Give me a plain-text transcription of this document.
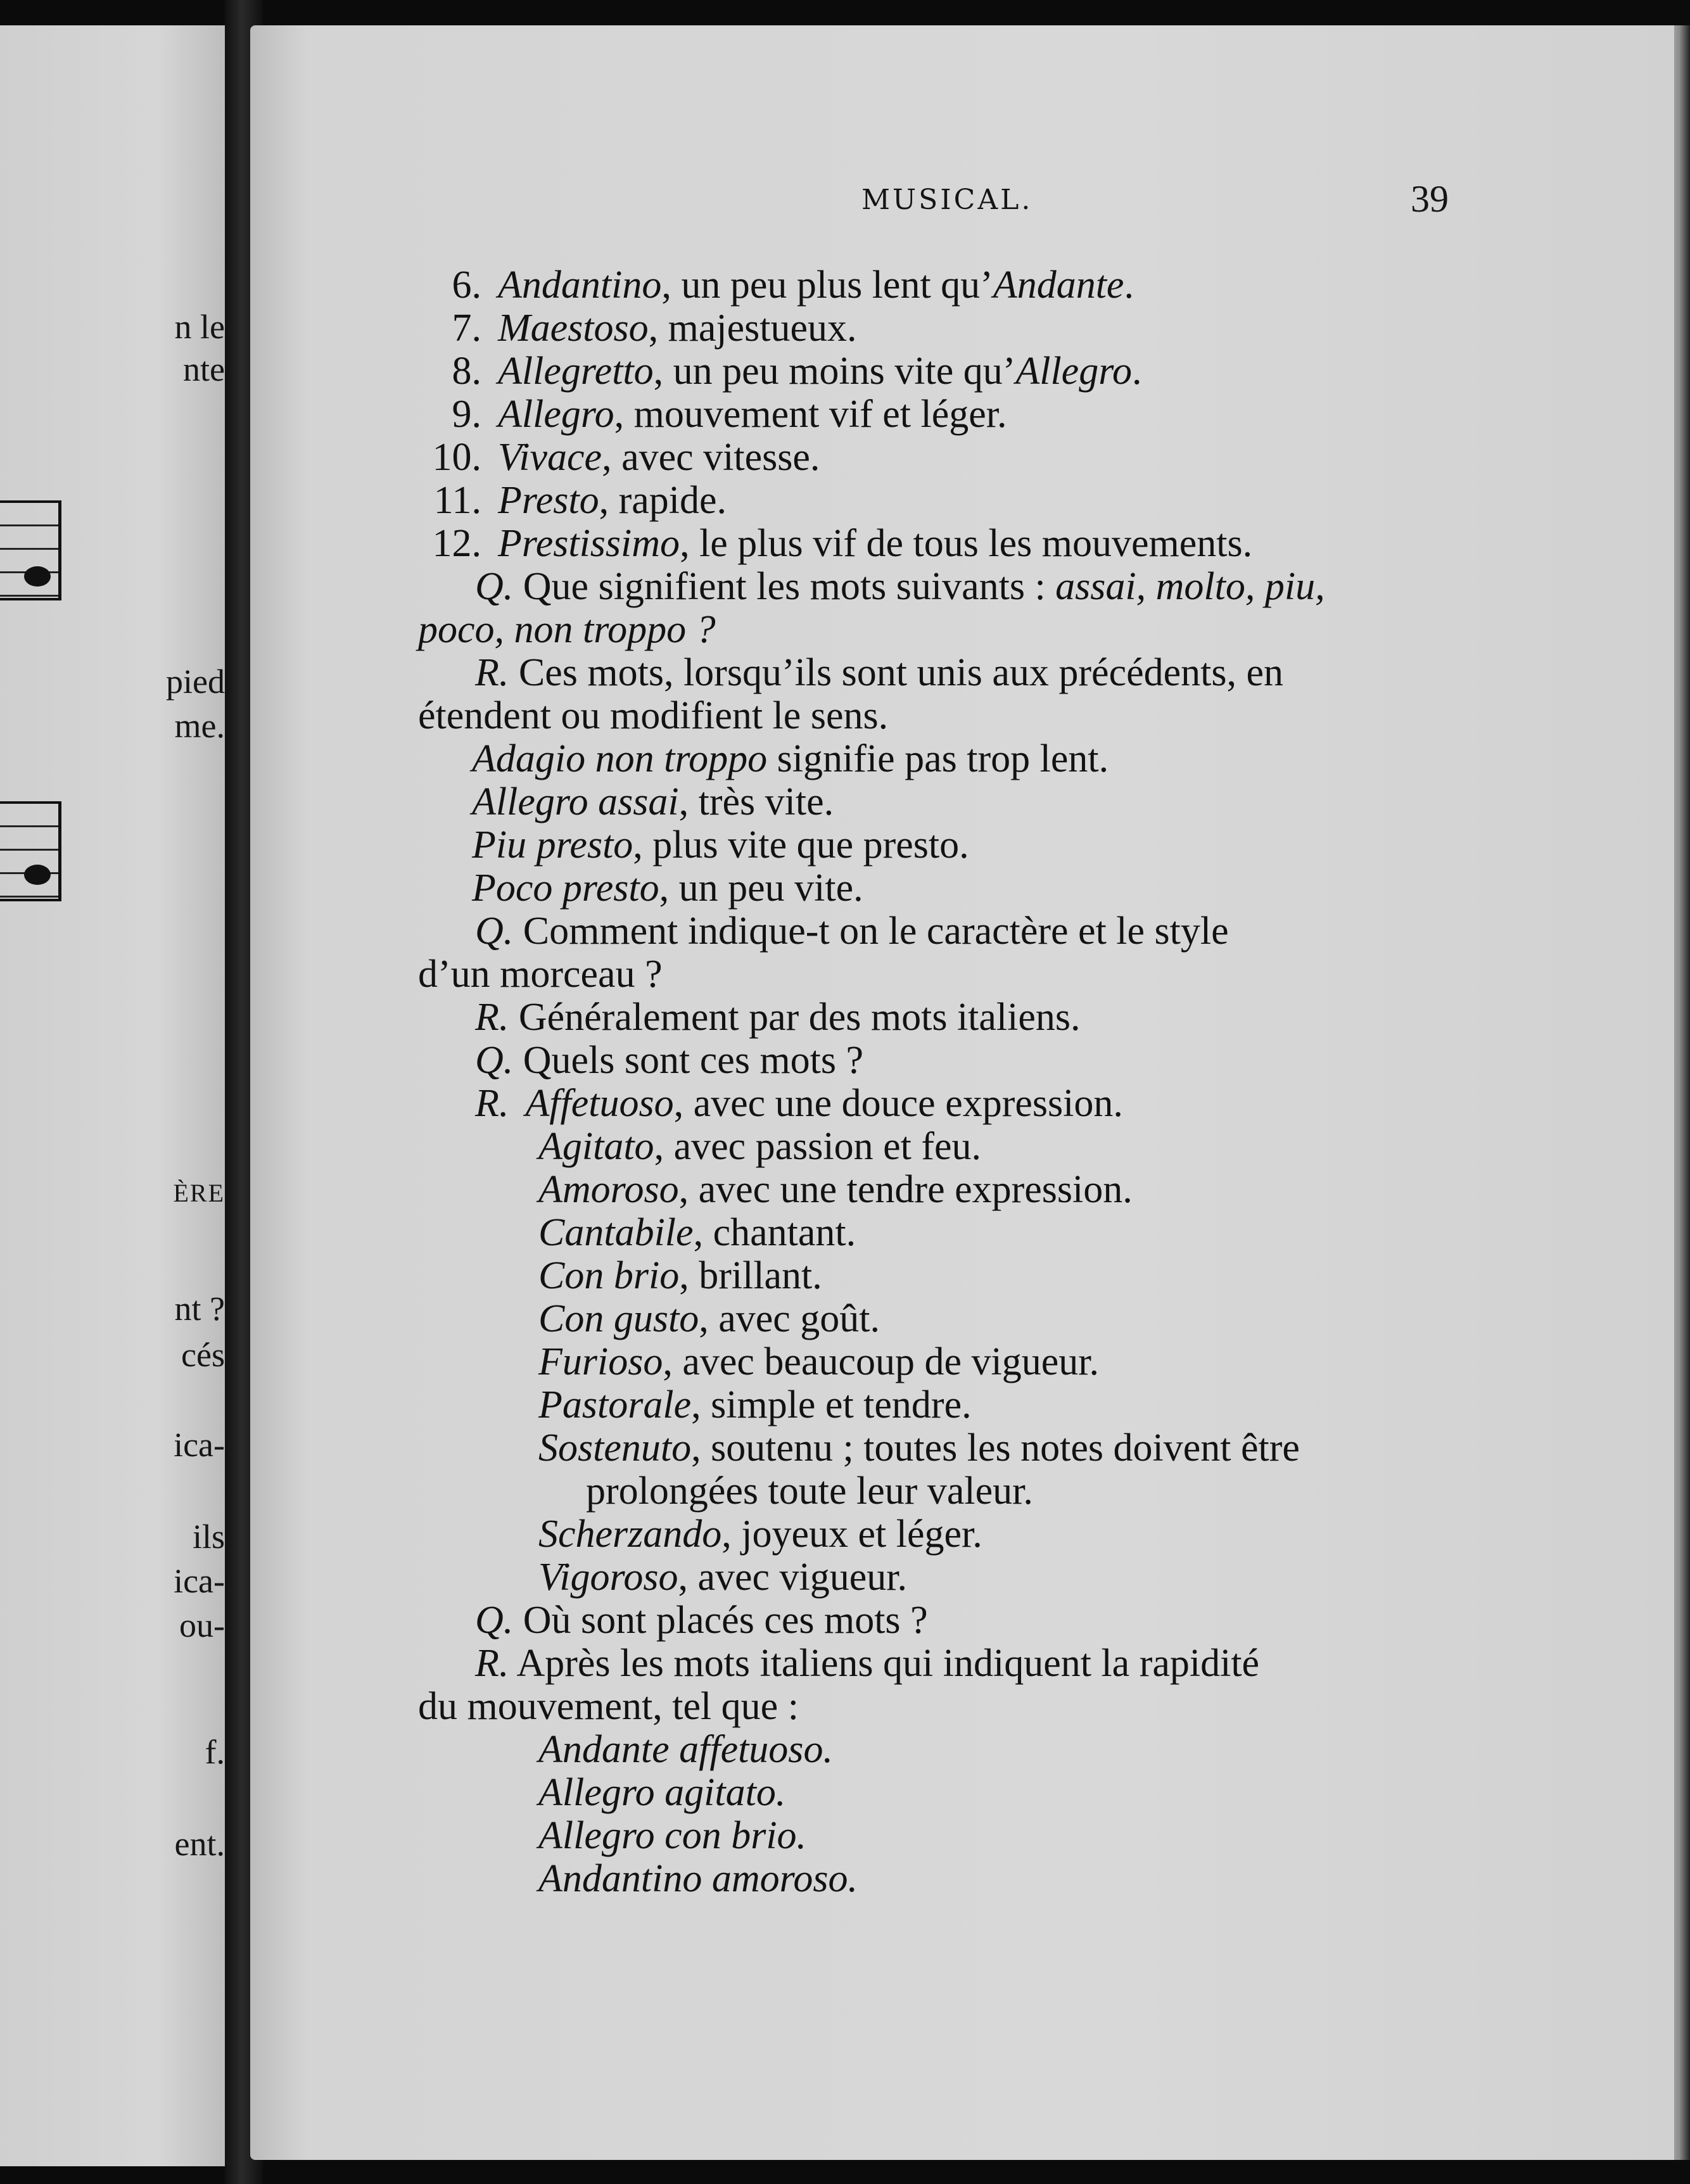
n le
nte
pied
me.
ÈRE
nt ?
cés
ica-
ils
ica-
ou-
f.
ent.
MUSICAL.	39
6. Andantino, un peu plus lent qu’Andante.
7. Maestoso, majestueux.
8. Allegretto, un peu moins vite qu’Allegro.
9. Allegro, mouvement vif et léger.
10. Vivace, avec vitesse.
11. Presto, rapide.
12. Prestissimo, le plus vif de tous les mouvements.
Q. Que signifient les mots suivants : assai, molto, piu,
poco, non troppo ?
R. Ces mots, lorsqu’ils sont unis aux précédents, en
étendent ou modifient le sens.
Adagio non troppo signifie pas trop lent.
Allegro assai, très vite.
Piu presto, plus vite que presto.
Poco presto, un peu vite.
Q. Comment indique-t on le caractère et le style
d’un morceau ?
R. Généralement par des mots italiens.
Q. Quels sont ces mots ?
R. Affetuoso, avec une douce expression.
Agitato, avec passion et feu.
Amoroso, avec une tendre expression.
Cantabile, chantant.
Con brio, brillant.
Con gusto, avec goût.
Furioso, avec beaucoup de vigueur.
Pastorale, simple et tendre.
Sostenuto, soutenu ; toutes les notes doivent être
prolongées toute leur valeur.
Scherzando, joyeux et léger.
Vigoroso, avec vigueur.
Q. Où sont placés ces mots ?
R. Après les mots italiens qui indiquent la rapidité
du mouvement, tel que :
Andante affetuoso.
Allegro agitato.
Allegro con brio.
Andantino amoroso.
